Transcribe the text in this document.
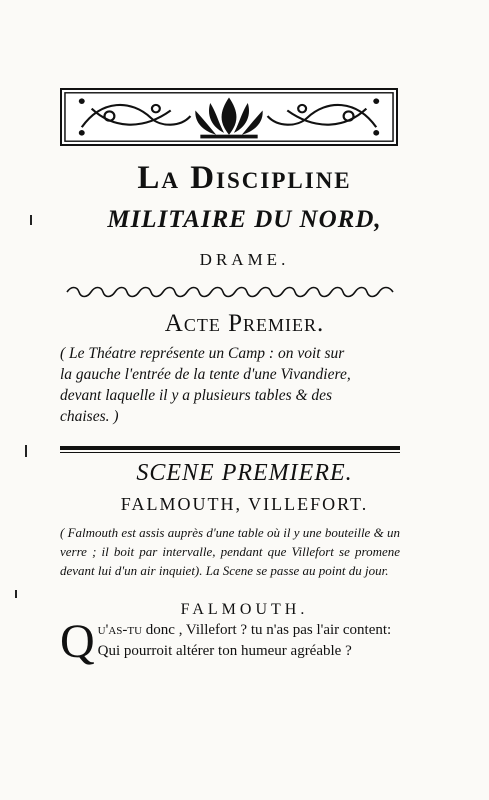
La Discipline
MILITAIRE DU NORD,
DRAME.
Acte Premier.
( Le Théatre représente un Camp : on voit sur
la gauche l'entrée de la tente d'une Vivandiere,
devant laquelle il y a plusieurs tables & des
chaises. )
SCENE PREMIERE.
FALMOUTH, VILLEFORT.
( Falmouth est assis auprès d'une table où il y une bouteille & un verre ; il boit par intervalle, pendant que Villefort se promene devant lui d'un air inquiet). La Scene se passe au point du jour.
FALMOUTH.
Q u'as-tu donc , Villefort ? tu n'as pas l'air content:
Qui pourroit altérer ton humeur agréable ?
